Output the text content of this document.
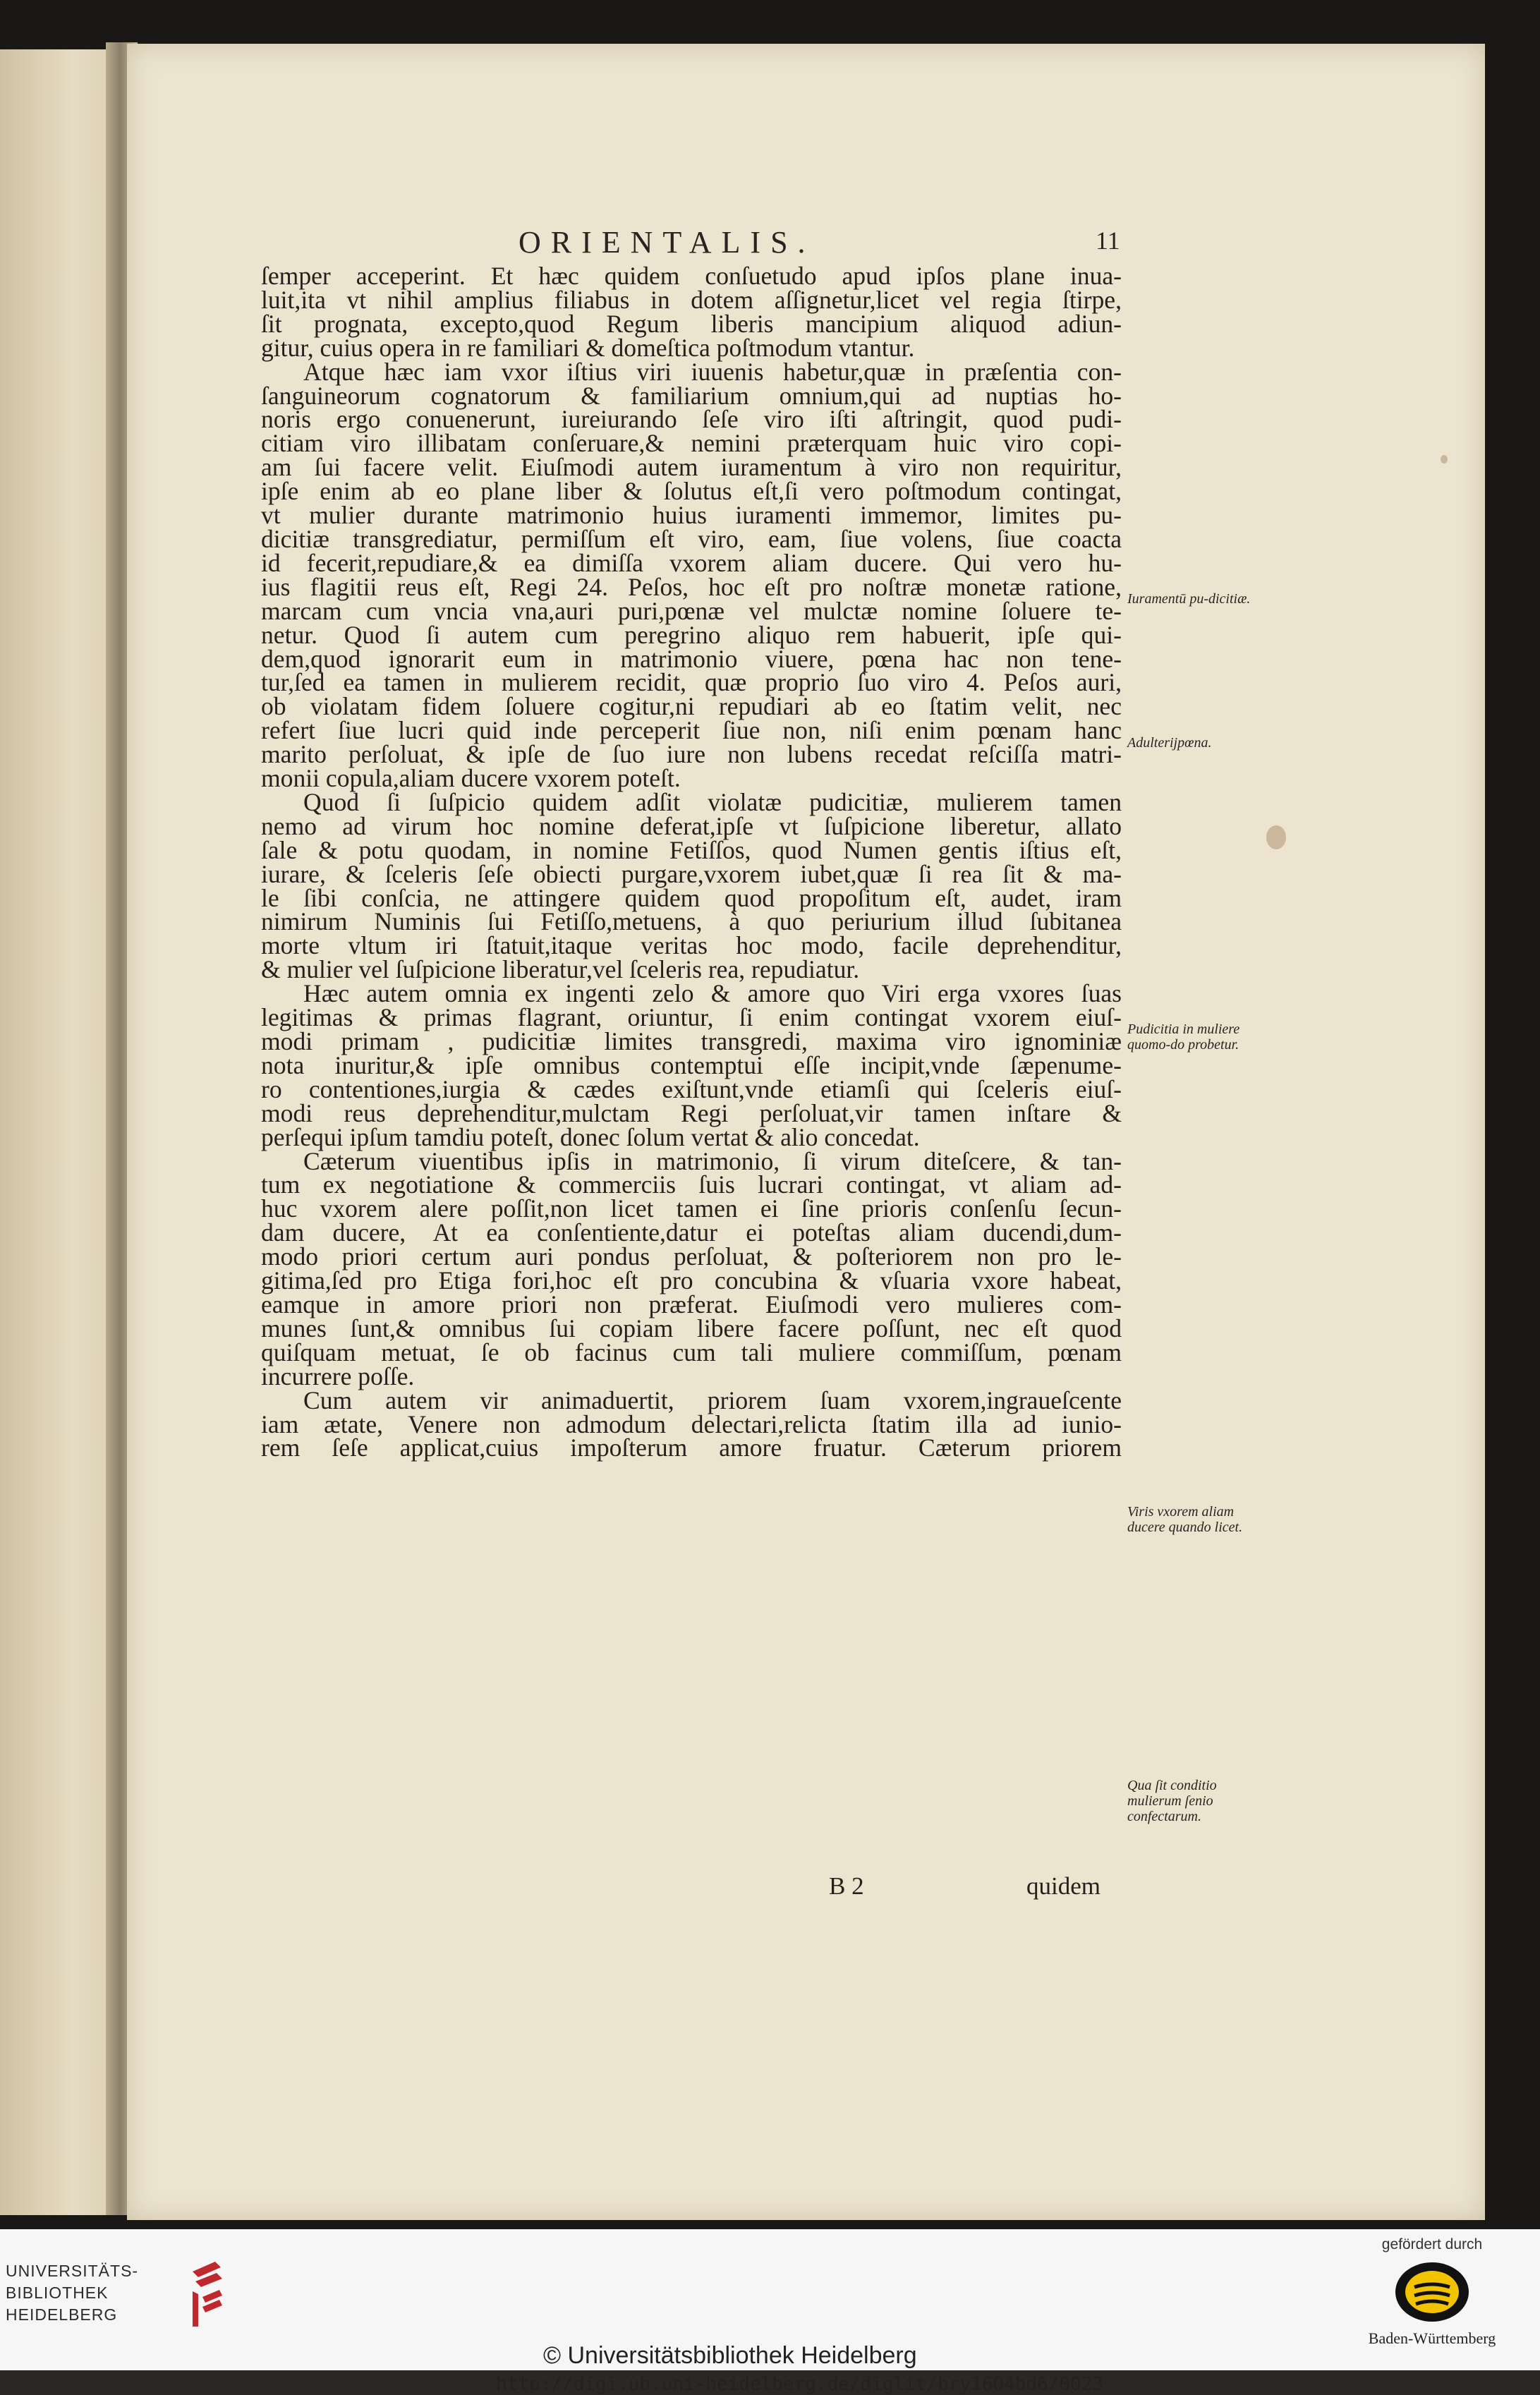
ORIENTALIS.	11
ſemper acceperint. Et hæc quidem conſuetudo apud ipſos plane inua-
luit,ita vt nihil amplius filiabus in dotem aſſignetur,licet vel regia ſtirpe,
ſit prognata, excepto,quod Regum liberis mancipium aliquod adiun-
gitur, cuius opera in re familiari & domeſtica poſtmodum vtantur.
Atque hæc iam vxor iſtius viri iuuenis habetur,quæ in præſentia con-
ſanguineorum cognatorum & familiarium omnium,qui ad nuptias ho-
noris ergo conuenerunt, iureiurando ſeſe viro iſti aſtringit, quod pudi-
citiam viro illibatam conſeruare,& nemini præterquam huic viro copi-
am ſui facere velit. Eiuſmodi autem iuramentum à viro non requiritur,
ipſe enim ab eo plane liber & ſolutus eſt,ſi vero poſtmodum contingat,
vt mulier durante matrimonio huius iuramenti immemor, limites pu-
dicitiæ transgrediatur, permiſſum eſt viro, eam, ſiue volens, ſiue coacta
id fecerit,repudiare,& ea dimiſſa vxorem aliam ducere. Qui vero hu-
ius flagitii reus eſt, Regi 24. Peſos, hoc eſt pro noſtræ monetæ ratione,
marcam cum vncia vna,auri puri,pœnæ vel mulctæ nomine ſoluere te-
netur. Quod ſi autem cum peregrino aliquo rem habuerit, ipſe qui-
dem,quod ignorarit eum in matrimonio viuere, pœna hac non tene-
tur,ſed ea tamen in mulierem recidit, quæ proprio ſuo viro 4. Peſos auri,
ob violatam fidem ſoluere cogitur,ni repudiari ab eo ſtatim velit, nec
refert ſiue lucri quid inde perceperit ſiue non, niſi enim pœnam hanc
marito perſoluat, & ipſe de ſuo iure non lubens recedat reſciſſa matri-
monii copula,aliam ducere vxorem poteſt.
Quod ſi ſuſpicio quidem adſit violatæ pudicitiæ, mulierem tamen
nemo ad virum hoc nomine deferat,ipſe vt ſuſpicione liberetur, allato
ſale & potu quodam, in nomine Fetiſſos, quod Numen gentis iſtius eſt,
iurare, & ſceleris ſeſe obiecti purgare,vxorem iubet,quæ ſi rea ſit & ma-
le ſibi conſcia, ne attingere quidem quod propoſitum eſt, audet, iram
nimirum Numinis ſui Fetiſſo,metuens, à quo periurium illud ſubitanea
morte vltum iri ſtatuit,itaque veritas hoc modo, facile deprehenditur,
& mulier vel ſuſpicione liberatur,vel ſceleris rea, repudiatur.
Hæc autem omnia ex ingenti zelo & amore quo Viri erga vxores ſuas
legitimas & primas flagrant, oriuntur, ſi enim contingat vxorem eiuſ-
modi primam , pudicitiæ limites transgredi, maxima viro ignominiæ
nota inuritur,& ipſe omnibus contemptui eſſe incipit,vnde ſæpenume-
ro contentiones,iurgia & cædes exiſtunt,vnde etiamſi qui ſceleris eiuſ-
modi reus deprehenditur,mulctam Regi perſoluat,vir tamen inſtare &
perſequi ipſum tamdiu poteſt, donec ſolum vertat & alio concedat.
Cæterum viuentibus ipſis in matrimonio, ſi virum diteſcere, & tan-
tum ex negotiatione & commerciis ſuis lucrari contingat, vt aliam ad-
huc vxorem alere poſſit,non licet tamen ei ſine prioris conſenſu ſecun-
dam ducere, At ea conſentiente,datur ei poteſtas aliam ducendi,dum-
modo priori certum auri pondus perſoluat, & poſteriorem non pro le-
gitima,ſed pro Etiga fori,hoc eſt pro concubina & vſuaria vxore habeat,
eamque in amore priori non præferat. Eiuſmodi vero mulieres com-
munes ſunt,& omnibus ſui copiam libere facere poſſunt, nec eſt quod
quiſquam metuat, ſe ob facinus cum tali muliere commiſſum, pœnam
incurrere poſſe.
Cum autem vir animaduertit, priorem ſuam vxorem,ingraueſcente
iam ætate, Venere non admodum delectari,relicta ſtatim illa ad iunio-
rem ſeſe applicat,cuius impoſterum amore fruatur. Cæterum priorem
Iuramentū pu-dicitiæ.
Adulterijpœna.
Pudicitia in muliere quomo-do probetur.
Viris vxorem aliam ducere quando licet.
Qua ſit conditio mulierum ſenio confectarum.
B 2	quidem
UNIVERSITÄTS-
BIBLIOTHEK
HEIDELBERG
© Universitätsbibliothek Heidelberg
http://digi.ub.uni-heidelberg.de/diglit/bry1604bd6/0023
gefördert durch
Baden-Württemberg
